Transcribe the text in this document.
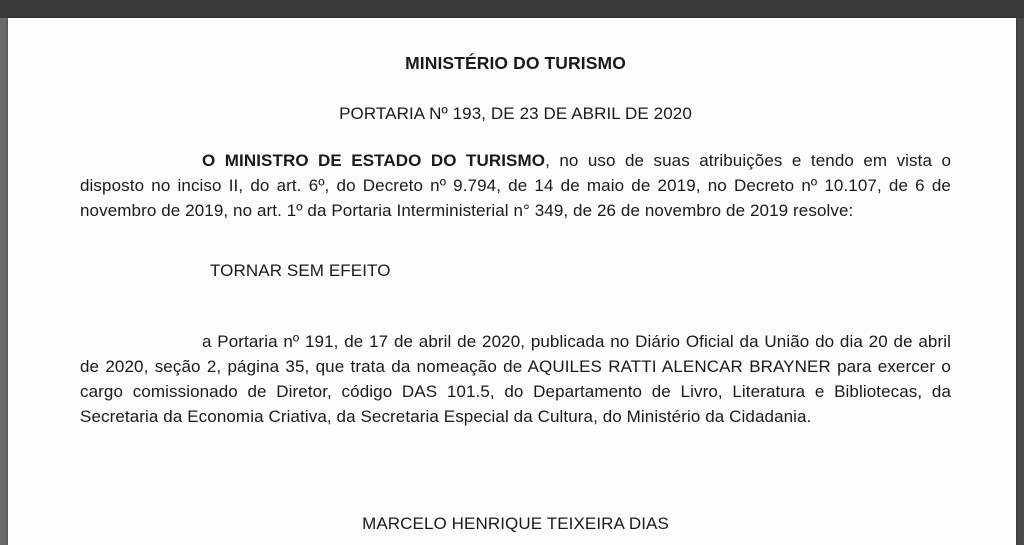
MINISTÉRIO DO TURISMO
PORTARIA Nº 193, DE 23 DE ABRIL DE 2020
O MINISTRO DE ESTADO DO TURISMO, no uso de suas atribuições e tendo em vista o disposto no inciso II, do art. 6º, do Decreto nº 9.794, de 14 de maio de 2019, no Decreto nº 10.107, de 6 de novembro de 2019, no art. 1º da Portaria Interministerial n° 349, de 26 de novembro de 2019 resolve:
TORNAR SEM EFEITO
a Portaria nº 191, de 17 de abril de 2020, publicada no Diário Oficial da União do dia 20 de abril de 2020, seção 2, página 35, que trata da nomeação de AQUILES RATTI ALENCAR BRAYNER para exercer o cargo comissionado de Diretor, código DAS 101.5, do Departamento de Livro, Literatura e Bibliotecas, da Secretaria da Economia Criativa, da Secretaria Especial da Cultura, do Ministério da Cidadania.
MARCELO HENRIQUE TEIXEIRA DIAS
